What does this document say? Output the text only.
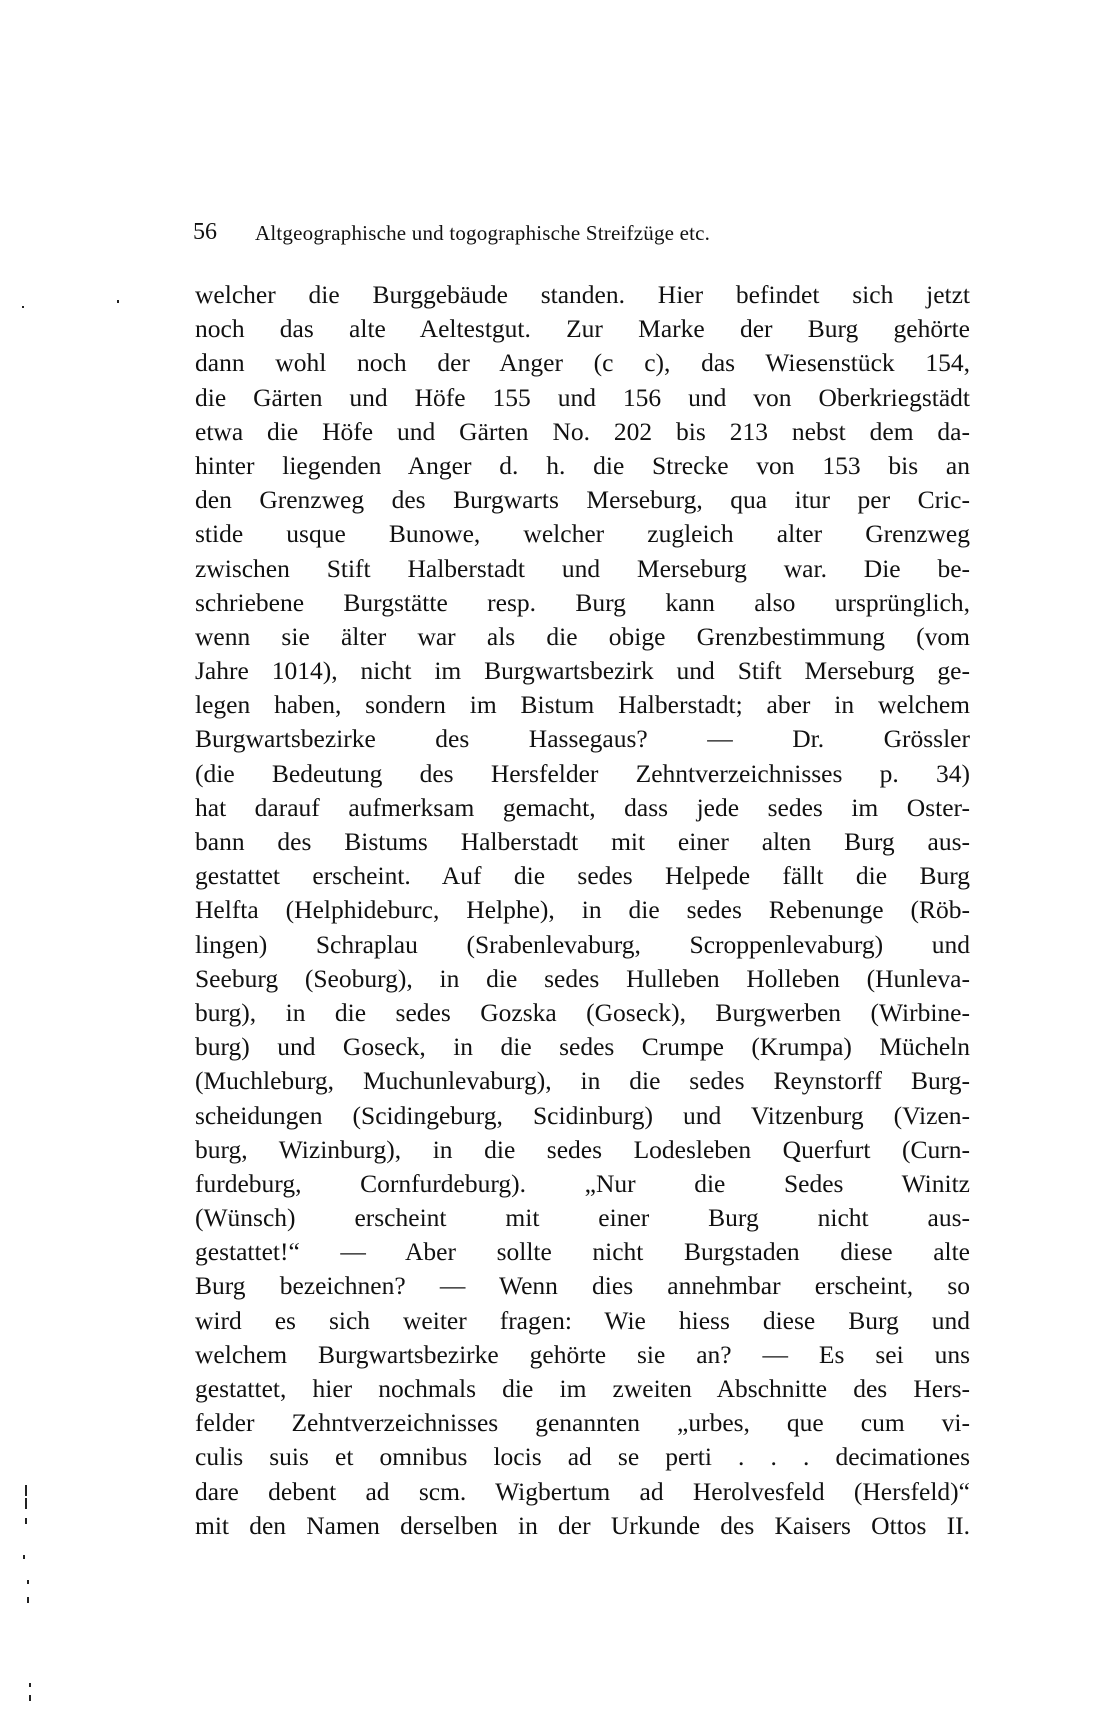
56 Altgeographische und togographische Streifzüge etc.
welcher die Burggebäude standen. Hier befindet sich jetzt
noch das alte Aeltestgut. Zur Marke der Burg gehörte
dann wohl noch der Anger (c c), das Wiesenstück 154,
die Gärten und Höfe 155 und 156 und von Oberkriegstädt
etwa die Höfe und Gärten No. 202 bis 213 nebst dem da-
hinter liegenden Anger d. h. die Strecke von 153 bis an
den Grenzweg des Burgwarts Merseburg, qua itur per Cric-
stide usque Bunowe, welcher zugleich alter Grenzweg
zwischen Stift Halberstadt und Merseburg war. Die be-
schriebene Burgstätte resp. Burg kann also ursprünglich,
wenn sie älter war als die obige Grenzbestimmung (vom
Jahre 1014), nicht im Burgwartsbezirk und Stift Merseburg ge-
legen haben, sondern im Bistum Halberstadt; aber in welchem
Burgwartsbezirke des Hassegaus? — Dr. Grössler
(die Bedeutung des Hersfelder Zehntverzeichnisses p. 34)
hat darauf aufmerksam gemacht, dass jede sedes im Oster-
bann des Bistums Halberstadt mit einer alten Burg aus-
gestattet erscheint. Auf die sedes Helpede fällt die Burg
Helfta (Helphideburc, Helphe), in die sedes Rebenunge (Röb-
lingen) Schraplau (Srabenlevaburg, Scroppenlevaburg) und
Seeburg (Seoburg), in die sedes Hulleben Holleben (Hunleva-
burg), in die sedes Gozska (Goseck), Burgwerben (Wirbine-
burg) und Goseck, in die sedes Crumpe (Krumpa) Mücheln
(Muchleburg, Muchunlevaburg), in die sedes Reynstorff Burg-
scheidungen (Scidingeburg, Scidinburg) und Vitzenburg (Vizen-
burg, Wizinburg), in die sedes Lodesleben Querfurt (Curn-
furdeburg, Cornfurdeburg). „Nur die Sedes Winitz
(Wünsch) erscheint mit einer Burg nicht aus-
gestattet!“ — Aber sollte nicht Burgstaden diese alte
Burg bezeichnen? — Wenn dies annehmbar erscheint, so
wird es sich weiter fragen: Wie hiess diese Burg und
welchem Burgwartsbezirke gehörte sie an? — Es sei uns
gestattet, hier nochmals die im zweiten Abschnitte des Hers-
felder Zehntverzeichnisses genannten „urbes, que cum vi-
culis suis et omnibus locis ad se perti . . . decimationes
dare debent ad scm. Wigbertum ad Herolvesfeld (Hersfeld)“
mit den Namen derselben in der Urkunde des Kaisers Ottos II.
